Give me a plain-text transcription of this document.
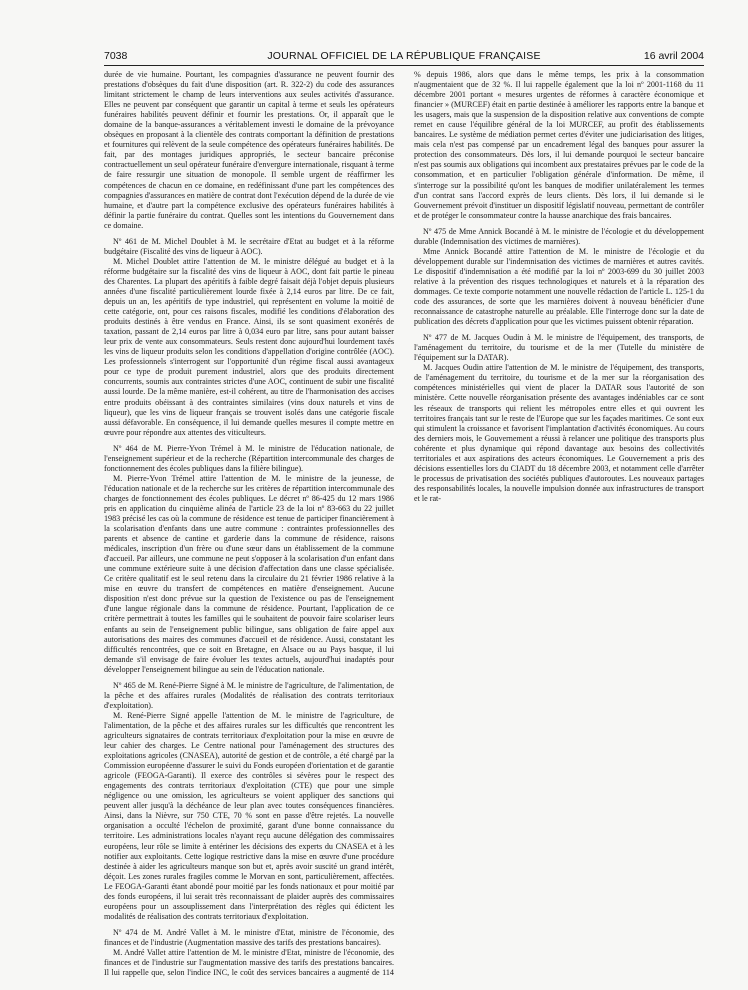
7038	JOURNAL OFFICIEL DE LA RÉPUBLIQUE FRANÇAISE	16 avril 2004

durée de vie humaine. Pourtant, les compagnies d'assurance ne peuvent fournir des prestations d'obsèques du fait d'une disposition (art. R. 322-2) du code des assurances limitant strictement le champ de leurs interventions aux seules activités d'assurance. Elles ne peuvent par conséquent que garantir un capital à terme et seuls les opérateurs funéraires habilités peuvent définir et fournir les prestations. Or, il apparaît que le domaine de la banque-assurances a véritablement investi le domaine de la prévoyance obsèques en proposant à la clientèle des contrats comportant la définition de prestations et fournitures qui relèvent de la seule compétence des opérateurs funéraires habilités. De fait, par des montages juridiques appropriés, le secteur bancaire préconise contractuellement un seul opérateur funéraire d'envergure internationale, risquant à terme de faire ressurgir une situation de monopole. Il semble urgent de réaffirmer les compétences de chacun en ce domaine, en redéfinissant d'une part les compétences des compagnies d'assurances en matière de contrat dont l'exécution dépend de la durée de vie humaine, et d'autre part la compétence exclusive des opérateurs funéraires habilités à définir la partie funéraire du contrat. Quelles sont les intentions du Gouvernement dans ce domaine.

Nº 461 de M. Michel Doublet à M. le secrétaire d'Etat au budget et à la réforme budgétaire (Fiscalité des vins de liqueur à AOC).

M. Michel Doublet attire l'attention de M. le ministre délégué au budget et à la réforme budgétaire sur la fiscalité des vins de liqueur à AOC, dont fait partie le pineau des Charentes. La plupart des apéritifs à faible degré faisait déjà l'objet depuis plusieurs années d'une fiscalité particulièrement lourde fixée à 2,14 euros par litre. De ce fait, depuis un an, les apéritifs de type industriel, qui représentent en volume la moitié de cette catégorie, ont, pour ces raisons fiscales, modifié les conditions d'élaboration des produits destinés à être vendus en France. Ainsi, ils se sont quasiment exonérés de taxation, passant de 2,14 euros par litre à 0,034 euro par litre, sans pour autant baisser leur prix de vente aux consommateurs. Seuls restent donc aujourd'hui lourdement taxés les vins de liqueur produits selon les conditions d'appellation d'origine contrôlée (AOC). Les professionnels s'interrogent sur l'opportunité d'un régime fiscal aussi avantageux pour ce type de produit purement industriel, alors que des produits directement concurrents, soumis aux contraintes strictes d'une AOC, continuent de subir une fiscalité aussi lourde. De la même manière, est-il cohérent, au titre de l'harmonisation des accises entre produits obéissant à des contraintes similaires (vins doux naturels et vins de liqueur), que les vins de liqueur français se trouvent isolés dans une catégorie fiscale aussi défavorable. En conséquence, il lui demande quelles mesures il compte mettre en œuvre pour répondre aux attentes des viticulteurs.

Nº 464 de M. Pierre-Yvon Trémel à M. le ministre de l'éducation nationale, de l'enseignement supérieur et de la recherche (Répartition intercommunale des charges de fonctionnement des écoles publiques dans la filière bilingue).

M. Pierre-Yvon Trémel attire l'attention de M. le ministre de la jeunesse, de l'éducation nationale et de la recherche sur les critères de répartition intercommunale des charges de fonctionnement des écoles publiques. Le décret nº 86-425 du 12 mars 1986 pris en application du cinquième alinéa de l'article 23 de la loi nº 83-663 du 22 juillet 1983 précisé les cas où la commune de résidence est tenue de participer financièrement à la scolarisation d'enfants dans une autre commune : contraintes professionnelles des parents et absence de cantine et garderie dans la commune de résidence, raisons médicales, inscription d'un frère ou d'une sœur dans un établissement de la commune d'accueil. Par ailleurs, une commune ne peut s'opposer à la scolarisation d'un enfant dans une commune extérieure suite à une décision d'affectation dans une classe spécialisée. Ce critère qualitatif est le seul retenu dans la circulaire du 21 février 1986 relative à la mise en œuvre du transfert de compétences en matière d'enseignement. Aucune disposition n'est donc prévue sur la question de l'existence ou pas de l'enseignement d'une langue régionale dans la commune de résidence. Pourtant, l'application de ce critère permettrait à toutes les familles qui le souhaitent de pouvoir faire scolariser leurs enfants au sein de l'enseignement public bilingue, sans obligation de faire appel aux autorisations des maires des communes d'accueil et de résidence. Aussi, constatant les difficultés rencontrées, que ce soit en Bretagne, en Alsace ou au Pays basque, il lui demande s'il envisage de faire évoluer les textes actuels, aujourd'hui inadaptés pour développer l'enseignement bilingue au sein de l'éducation nationale.

Nº 465 de M. René-Pierre Signé à M. le ministre de l'agriculture, de l'alimentation, de la pêche et des affaires rurales (Modalités de réalisation des contrats territoriaux d'exploitation).

M. René-Pierre Signé appelle l'attention de M. le ministre de l'agriculture, de l'alimentation, de la pêche et des affaires rurales sur les difficultés que rencontrent les agriculteurs signataires de contrats territoriaux d'exploitation pour la mise en œuvre de leur cahier des charges. Le Centre national pour l'aménagement des structures des exploitations agricoles (CNASEA), autorité de gestion et de contrôle, a été chargé par la Commission européenne d'assurer le suivi du Fonds européen d'orientation et de garantie agricole (FEOGA-Garanti). Il exerce des contrôles si sévères pour le respect des engagements des contrats territoriaux d'exploitation (CTE) que pour une simple négligence ou une omission, les agriculteurs se voient appliquer des sanctions qui peuvent aller jusqu'à la déchéance de leur plan avec toutes conséquences financières. Ainsi, dans la Nièvre, sur 750 CTE, 70 % sont en passe d'être rejetés. La nouvelle organisation a occulté l'échelon de proximité, garant d'une bonne connaissance du territoire. Les administrations locales n'ayant reçu aucune délégation des commissaires européens, leur rôle se limite à entériner les décisions des experts du CNASEA et à les notifier aux exploitants. Cette logique restrictive dans la mise en œuvre d'une procédure destinée à aider les agriculteurs manque son but et, après avoir suscité un grand intérêt, déçoit. Les zones rurales fragiles comme le Morvan en sont, particulièrement, affectées. Le FEOGA-Garanti étant abondé pour moitié par les fonds nationaux et pour moitié par des fonds européens, il lui serait très reconnaissant de plaider auprès des commissaires européens pour un assouplissement dans l'interprétation des règles qui édictent les modalités de réalisation des contrats territoriaux d'exploitation.

Nº 474 de M. André Vallet à M. le ministre d'Etat, ministre de l'économie, des finances et de l'industrie (Augmentation massive des tarifs des prestations bancaires).

M. André Vallet attire l'attention de M. le ministre d'Etat, ministre de l'économie, des finances et de l'industrie sur l'augmentation massive des tarifs des prestations bancaires. Il lui rappelle que, selon l'indice INC, le coût des services bancaires a augmenté de 114 % depuis 1986, alors que dans le même temps, les prix à la consommation n'augmentaient que de 32 %. Il lui rappelle également que la loi nº 2001-1168 du 11 décembre 2001 portant « mesures urgentes de réformes à caractère économique et financier » (MURCEF) était en partie destinée à améliorer les rapports entre la banque et les usagers, mais que la suspension de la disposition relative aux conventions de compte remet en cause l'équilibre général de la loi MURCEF, au profit des établissements bancaires. Le système de médiation permet certes d'éviter une judiciarisation des litiges, mais cela n'est pas compensé par un encadrement légal des banques pour assurer la protection des consommateurs. Dès lors, il lui demande pourquoi le secteur bancaire n'est pas soumis aux obligations qui incombent aux prestataires prévues par le code de la consommation, et en particulier l'obligation générale d'information. De même, il s'interroge sur la possibilité qu'ont les banques de modifier unilatéralement les termes d'un contrat sans l'accord exprès de leurs clients. Dès lors, il lui demande si le Gouvernement prévoit d'instituer un dispositif législatif nouveau, permettant de contrôler et de protéger le consommateur contre la hausse anarchique des frais bancaires.

Nº 475 de Mme Annick Bocandé à M. le ministre de l'écologie et du développement durable (Indemnisation des victimes de marnières).

Mme Annick Bocandé attire l'attention de M. le ministre de l'écologie et du développement durable sur l'indemnisation des victimes de marnières et autres cavités. Le dispositif d'indemnisation a été modifié par la loi nº 2003-699 du 30 juillet 2003 relative à la prévention des risques technologiques et naturels et à la réparation des dommages. Ce texte comporte notamment une nouvelle rédaction de l'article L. 125-1 du code des assurances, de sorte que les marnières doivent à nouveau bénéficier d'une reconnaissance de catastrophe naturelle au préalable. Elle l'interroge donc sur la date de publication des décrets d'application pour que les victimes puissent obtenir réparation.

Nº 477 de M. Jacques Oudin à M. le ministre de l'équipement, des transports, de l'aménagement du territoire, du tourisme et de la mer (Tutelle du ministère de l'équipement sur la DATAR).

M. Jacques Oudin attire l'attention de M. le ministre de l'équipement, des transports, de l'aménagement du territoire, du tourisme et de la mer sur la réorganisation des compétences ministérielles qui vient de placer la DATAR sous l'autorité de son ministère. Cette nouvelle réorganisation présente des avantages indéniables car ce sont les réseaux de transports qui relient les métropoles entre elles et qui ouvrent les territoires français tant sur le reste de l'Europe que sur les façades maritimes. Ce sont eux qui stimulent la croissance et favorisent l'implantation d'activités économiques. Au cours des derniers mois, le Gouvernement a réussi à relancer une politique des transports plus cohérente et plus dynamique qui répond davantage aux besoins des collectivités territoriales et aux aspirations des acteurs économiques. Le Gouvernement a pris des décisions essentielles lors du CIADT du 18 décembre 2003, et notamment celle d'arrêter le processus de privatisation des sociétés publiques d'autoroutes. Les nouveaux partages des responsabilités locales, la nouvelle impulsion donnée aux infrastructures de transport et le rat-
